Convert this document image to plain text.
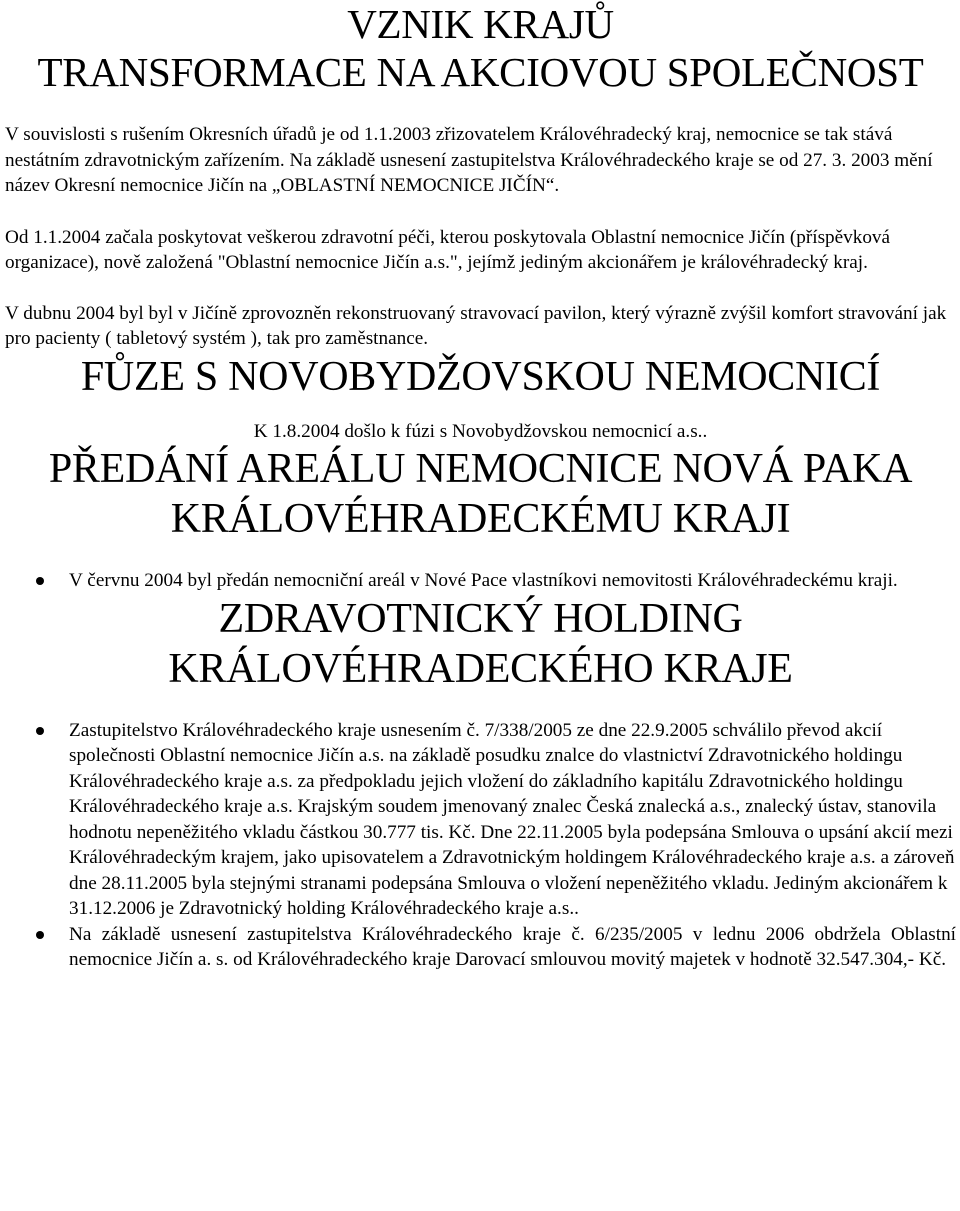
VZNIK KRAJŮ
TRANSFORMACE NA AKCIOVOU SPOLEČNOST

V souvislosti s rušením Okresních úřadů je od 1.1.2003 zřizovatelem Královéhradecký kraj, nemocnice se tak stává nestátním zdravotnickým zařízením. Na základě usnesení zastupitelstva Královéhradeckého kraje se od 27. 3. 2003 mění název Okresní nemocnice Jičín na „OBLASTNÍ NEMOCNICE JIČÍN“.

Od 1.1.2004 začala poskytovat veškerou zdravotní péči, kterou poskytovala Oblastní nemocnice Jičín (příspěvková organizace), nově založená "Oblastní nemocnice Jičín a.s.", jejímž jediným akcionářem je královéhradecký kraj.

V dubnu 2004 byl byl v Jičíně zprovozněn rekonstruovaný stravovací pavilon, který výrazně zvýšil komfort stravování jak pro pacienty ( tabletový systém ), tak pro zaměstnance.

FŮZE S NOVOBYDŽOVSKOU NEMOCNICÍ

K 1.8.2004 došlo k fúzi s Novobydžovskou nemocnicí a.s..

PŘEDÁNÍ AREÁLU NEMOCNICE NOVÁ PAKA
KRÁLOVÉHRADECKÉMU KRAJI
V červnu 2004 byl předán nemocniční areál v Nové Pace vlastníkovi nemovitosti Královéhradeckému kraji.
ZDRAVOTNICKÝ HOLDING
KRÁLOVÉHRADECKÉHO KRAJE
Zastupitelstvo Královéhradeckého kraje usnesením č. 7/338/2005 ze dne 22.9.2005 schválilo převod akcií společnosti Oblastní nemocnice Jičín a.s. na základě posudku znalce do vlastnictví Zdravotnického holdingu Královéhradeckého kraje a.s. za předpokladu jejich vložení do základního kapitálu Zdravotnického holdingu Královéhradeckého kraje a.s. Krajským soudem jmenovaný znalec Česká znalecká a.s., znalecký ústav, stanovila hodnotu nepeněžitého vkladu částkou 30.777 tis. Kč. Dne 22.11.2005 byla podepsána Smlouva o upsání akcií mezi Královéhradeckým krajem, jako upisovatelem a Zdravotnickým holdingem Královéhradeckého kraje a.s. a zároveň dne 28.11.2005 byla stejnými stranami podepsána Smlouva o vložení nepeněžitého vkladu. Jediným akcionářem k 31.12.2006 je Zdravotnický holding Královéhradeckého kraje a.s..
Na základě usnesení zastupitelstva Královéhradeckého kraje č. 6/235/2005 v lednu 2006 obdržela Oblastní nemocnice Jičín a. s. od Královéhradeckého kraje Darovací smlouvou movitý majetek v hodnotě 32.547.304,- Kč.
